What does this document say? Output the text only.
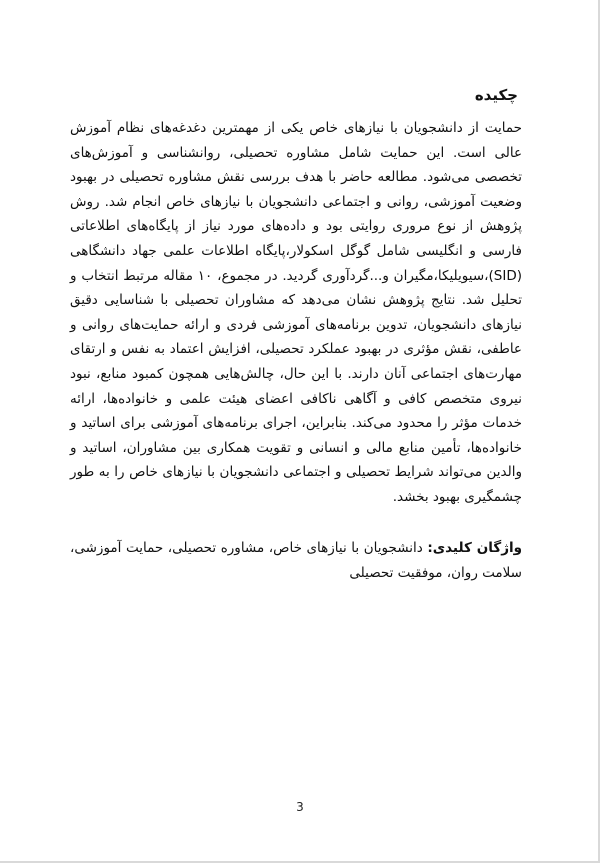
چکیده

حمایت از دانشجویان با نیازهای خاص یکی از مهمترین دغدغه‌های نظام آموزش عالی است. این حمایت شامل مشاوره تحصیلی، روانشناسی و آموزش‌های تخصصی می‌شود. مطالعه حاضر با هدف بررسی نقش مشاوره تحصیلی در بهبود وضعیت آموزشی، روانی و اجتماعی دانشجویان با نیازهای خاص انجام شد. روش پژوهش از نوع مروری روایتی بود و داده‌های مورد نیاز از پایگاه‌های اطلاعاتی فارسی و انگلیسی شامل گوگل اسکولار،پایگاه اطلاعات علمی جهاد دانشگاهی (SID)،سیویلیکا،مگیران و...گردآوری گردید. در مجموع، ۱۰ مقاله مرتبط انتخاب و تحلیل شد. نتایج پژوهش نشان می‌دهد که مشاوران تحصیلی با شناسایی دقیق نیازهای دانشجویان، تدوین برنامه‌های آموزشی فردی و ارائه حمایت‌های روانی و عاطفی، نقش مؤثری در بهبود عملکرد تحصیلی، افزایش اعتماد به نفس و ارتقای مهارت‌های اجتماعی آنان دارند. با این حال، چالش‌هایی همچون کمبود منابع، نبود نیروی متخصص کافی و آگاهی ناکافی اعضای هیئت علمی و خانواده‌ها، ارائه خدمات مؤثر را محدود می‌کند. بنابراین، اجرای برنامه‌های آموزشی برای اساتید و خانواده‌ها، تأمین منابع مالی و انسانی و تقویت همکاری بین مشاوران، اساتید و والدین می‌تواند شرایط تحصیلی و اجتماعی دانشجویان با نیازهای خاص را به طور چشمگیری بهبود بخشد.

واژگان کلیدی: دانشجویان با نیازهای خاص، مشاوره تحصیلی، حمایت آموزشی، سلامت روان، موفقیت تحصیلی

3
